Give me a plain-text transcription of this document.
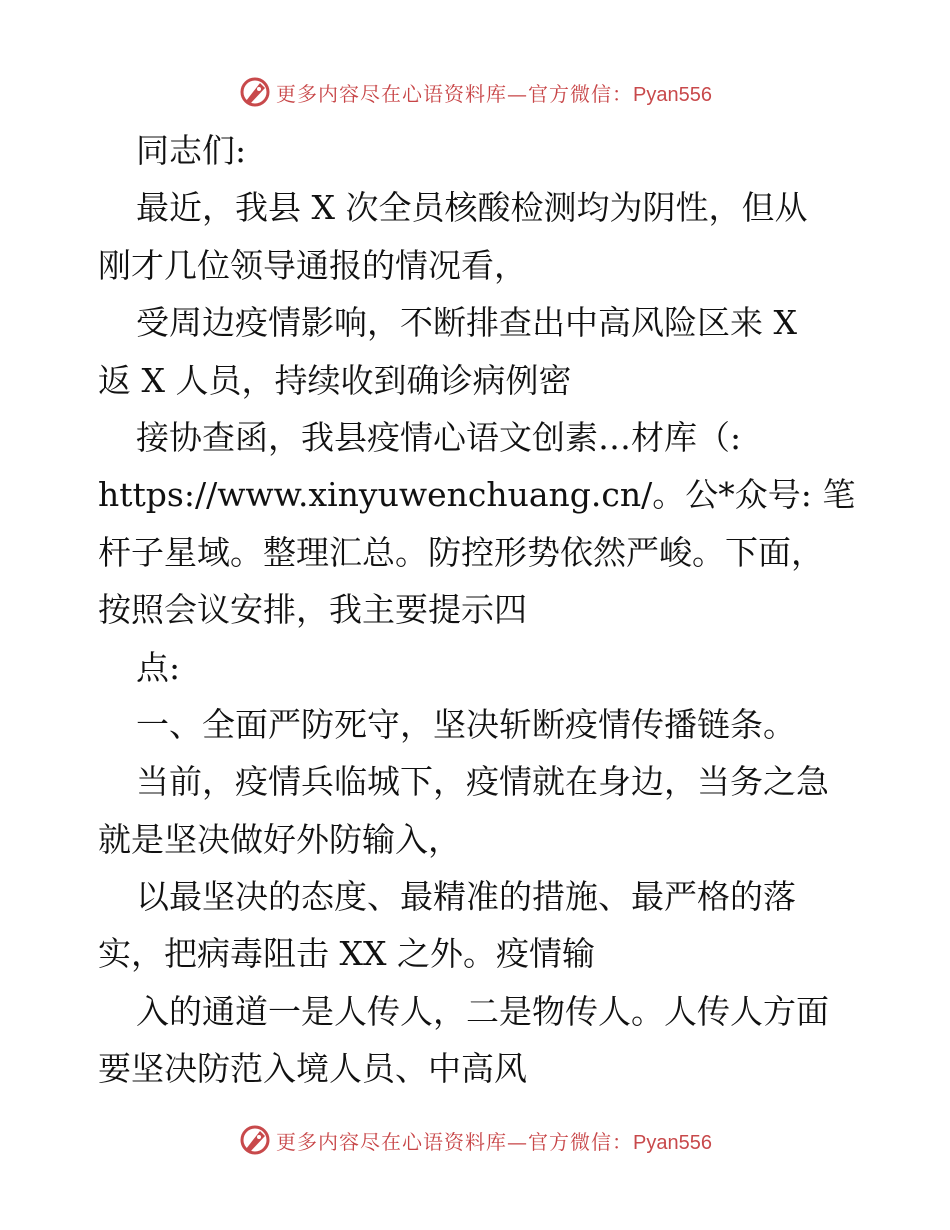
更多内容尽在心语资料库—官方微信：Pyan556
同志们:
最近，我县 X 次全员核酸检测均为阴性，但从
刚才几位领导通报的情况看，
受周边疫情影响，不断排查出中高风险区来 X
返 X 人员，持续收到确诊病例密
接协查函，我县疫情心语文创素…材库（:
https://www.xinyuwenchuang.cn/。公*众号: 笔
杆子星域。整理汇总。防控形势依然严峻。下面，
按照会议安排，我主要提示四
点:
一、全面严防死守，坚决斩断疫情传播链条。
当前，疫情兵临城下，疫情就在身边，当务之急
就是坚决做好外防输入，
以最坚决的态度、最精准的措施、最严格的落
实，把病毒阻击 XX 之外。疫情输
入的通道一是人传人，二是物传人。人传人方面
要坚决防范入境人员、中高风
更多内容尽在心语资料库—官方微信：Pyan556
